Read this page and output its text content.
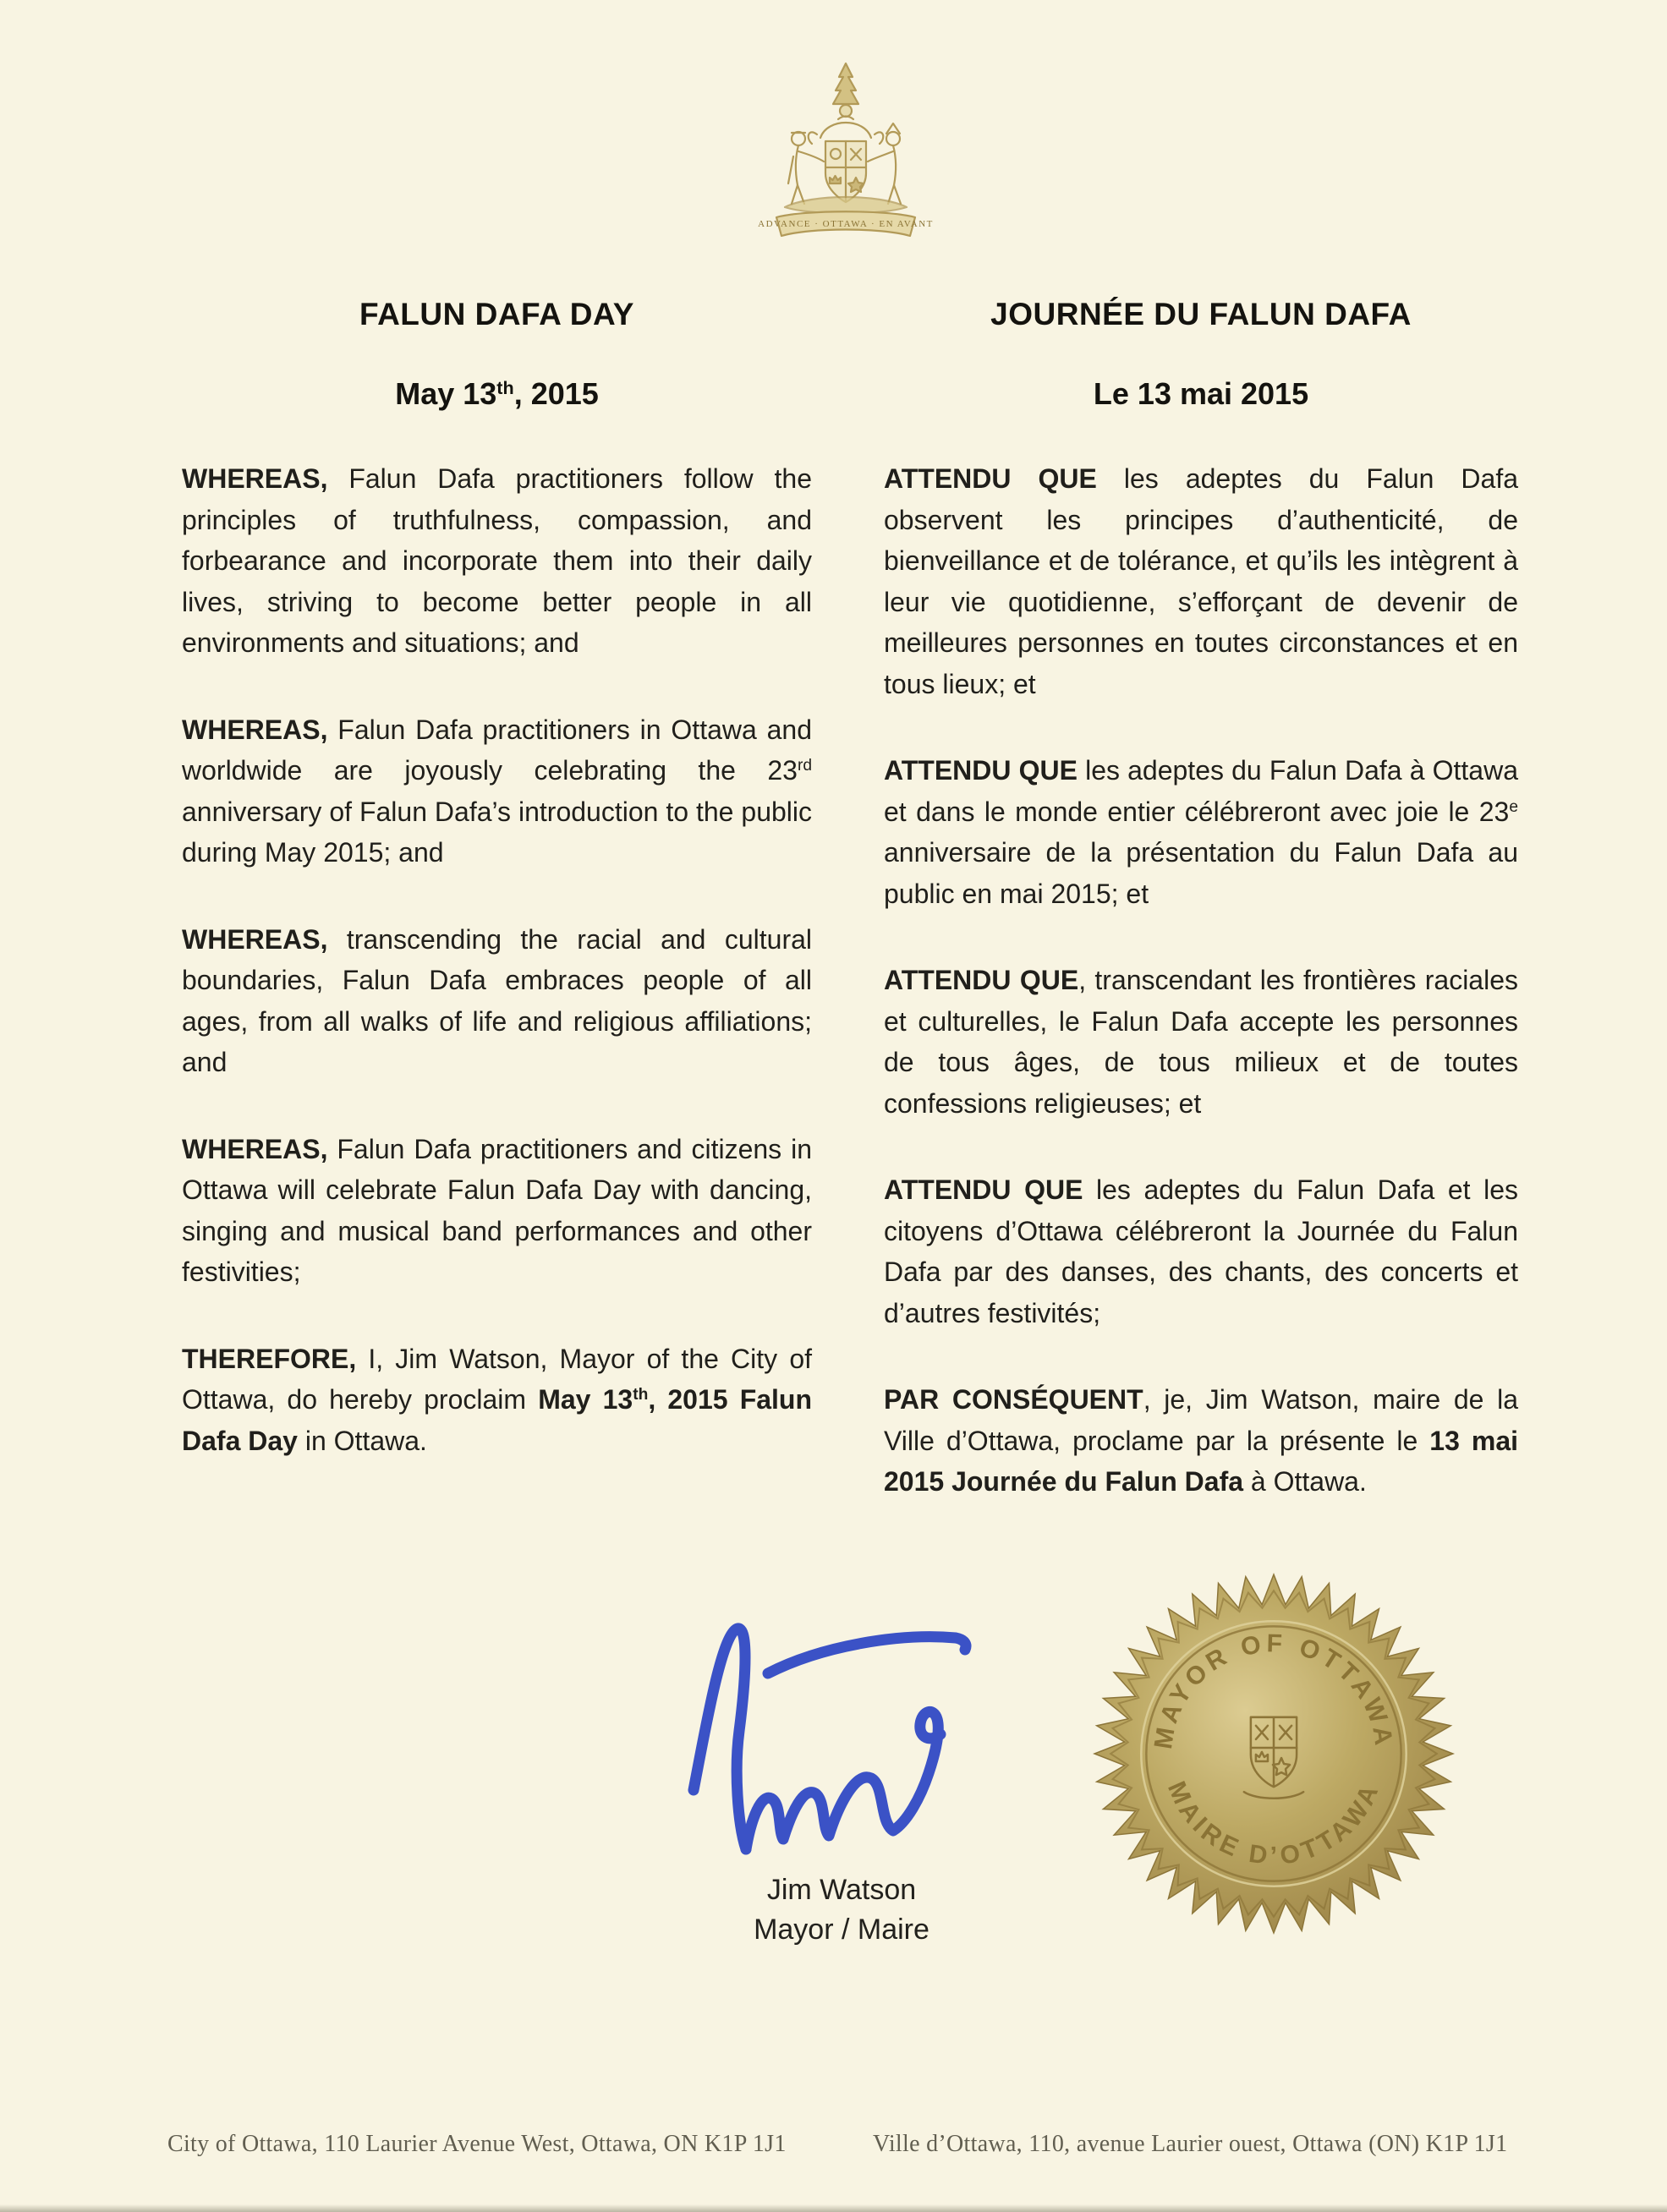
ADVANCE · OTTAWA · EN AVANT
FALUN DAFA DAY
May 13th, 2015

WHEREAS, Falun Dafa practitioners follow the principles of truthfulness, compassion, and forbearance and incorporate them into their daily lives, striving to become better people in all environments and situations; and

WHEREAS, Falun Dafa practitioners in Ottawa and worldwide are joyously celebrating the 23rd anniversary of Falun Dafa’s introduction to the public during May 2015; and

WHEREAS, transcending the racial and cultural boundaries, Falun Dafa embraces people of all ages, from all walks of life and religious affiliations; and

WHEREAS, Falun Dafa practitioners and citizens in Ottawa will celebrate Falun Dafa Day with dancing, singing and musical band performances and other festivities;

THEREFORE, I, Jim Watson, Mayor of the City of Ottawa, do hereby proclaim May 13th, 2015 Falun Dafa Day in Ottawa.

JOURNÉE DU FALUN DAFA
Le 13 mai 2015

ATTENDU QUE les adeptes du Falun Dafa observent les principes d’authenticité, de bienveillance et de tolérance, et qu’ils les intègrent à leur vie quotidienne, s’efforçant de devenir de meilleures personnes en toutes circonstances et en tous lieux; et

ATTENDU QUE les adeptes du Falun Dafa à Ottawa et dans le monde entier célébreront avec joie le 23e anniversaire de la présentation du Falun Dafa au public en mai 2015; et

ATTENDU QUE, transcendant les frontières raciales et culturelles, le Falun Dafa accepte les personnes de tous âges, de tous milieux et de toutes confessions religieuses; et

ATTENDU QUE les adeptes du Falun Dafa et les citoyens d’Ottawa célébreront la Journée du Falun Dafa par des danses, des chants, des concerts et d’autres festivités;

PAR CONSÉQUENT, je, Jim Watson, maire de la Ville d’Ottawa, proclame par la présente le 13 mai 2015 Journée du Falun Dafa à Ottawa.

Jim Watson
Mayor / Maire
MAYOR OF OTTAWA
MAIRE D’OTTAWA
City of Ottawa, 110 Laurier Avenue West, Ottawa, ON K1P 1J1	Ville d’Ottawa, 110, avenue Laurier ouest, Ottawa (ON) K1P 1J1
